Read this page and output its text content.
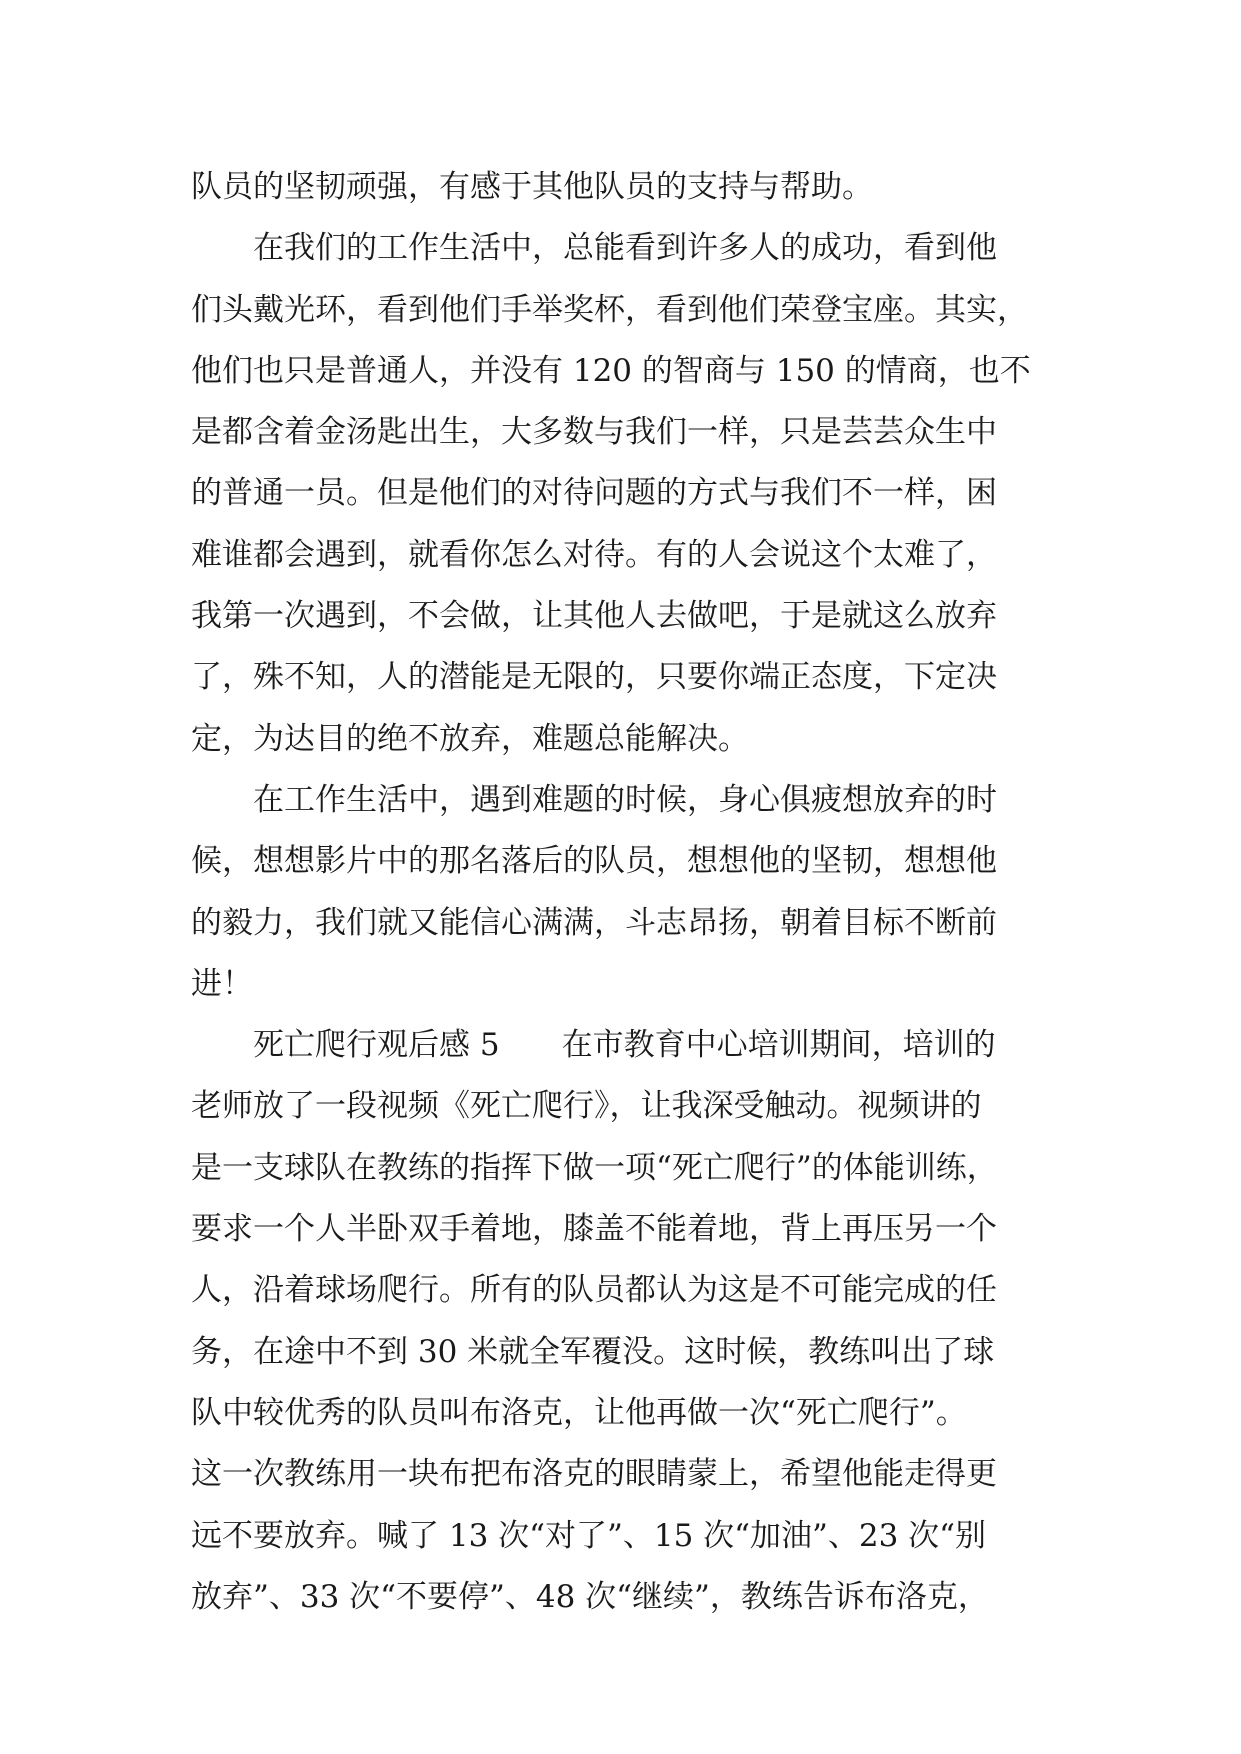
队员的坚韧顽强，有感于其他队员的支持与帮助。
　　在我们的工作生活中，总能看到许多人的成功，看到他
们头戴光环，看到他们手举奖杯，看到他们荣登宝座。其实，
他们也只是普通人，并没有 120 的智商与 150 的情商，也不
是都含着金汤匙出生，大多数与我们一样，只是芸芸众生中
的普通一员。但是他们的对待问题的方式与我们不一样，困
难谁都会遇到，就看你怎么对待。有的人会说这个太难了，
我第一次遇到，不会做，让其他人去做吧，于是就这么放弃
了，殊不知，人的潜能是无限的，只要你端正态度，下定决
定，为达目的绝不放弃，难题总能解决。
　　在工作生活中，遇到难题的时候，身心俱疲想放弃的时
候，想想影片中的那名落后的队员，想想他的坚韧，想想他
的毅力，我们就又能信心满满，斗志昂扬，朝着目标不断前
进！
　　死亡爬行观后感 5　　在市教育中心培训期间，培训的
老师放了一段视频《死亡爬行》，让我深受触动。视频讲的
是一支球队在教练的指挥下做一项“死亡爬行”的体能训练，
要求一个人半卧双手着地，膝盖不能着地，背上再压另一个
人，沿着球场爬行。所有的队员都认为这是不可能完成的任
务，在途中不到 30 米就全军覆没。这时候，教练叫出了球
队中较优秀的队员叫布洛克，让他再做一次“死亡爬行”。
这一次教练用一块布把布洛克的眼睛蒙上，希望他能走得更
远不要放弃。喊了 13 次“对了”、15 次“加油”、23 次“别
放弃”、33 次“不要停”、48 次“继续”，教练告诉布洛克，
